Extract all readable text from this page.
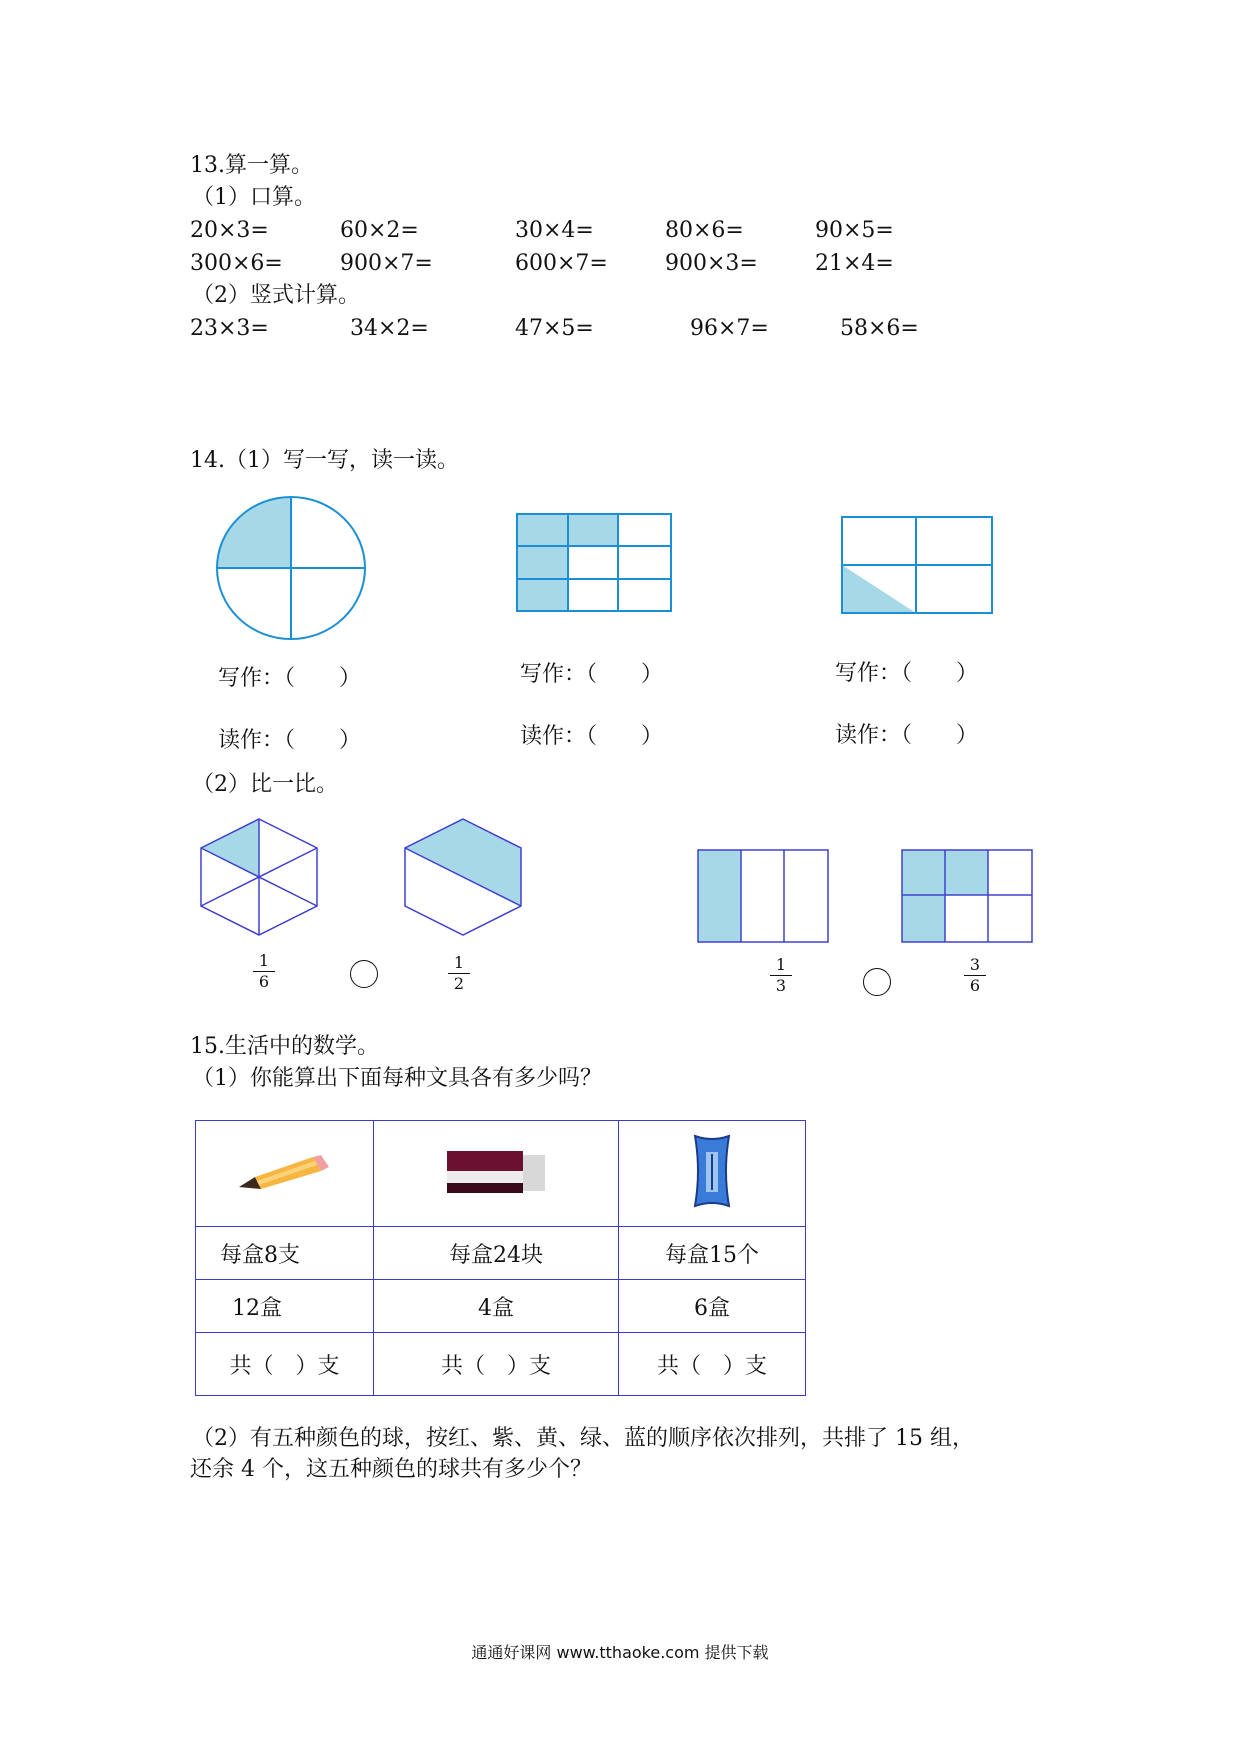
13.算一算。
（1）口算。
20×3=	60×2=	30×4=	80×6=	90×5=
300×6=	900×7=	600×7=	900×3=	21×4=
（2）竖式计算。
23×3=	34×2=	47×5=	96×7=	58×6=
14.（1）写一写，读一读。
写作：（　　）	写作：（　　）	写作：（　　）
读作：（　　）	读作：（　　）	读作：（　　）
（2）比一比。
1
6
1
2
1
3
3
6
15.生活中的数学。
（1）你能算出下面每种文具各有多少吗？

每盒8支	每盒24块	每盒15个
12盒	4盒	6盒
共（　）支	共（　）支	共（　）支
（2）有五种颜色的球，按红、紫、黄、绿、蓝的顺序依次排列，共排了 15 组，
还余 4 个，这五种颜色的球共有多少个？
通通好课网 www.tthaoke.com 提供下载
